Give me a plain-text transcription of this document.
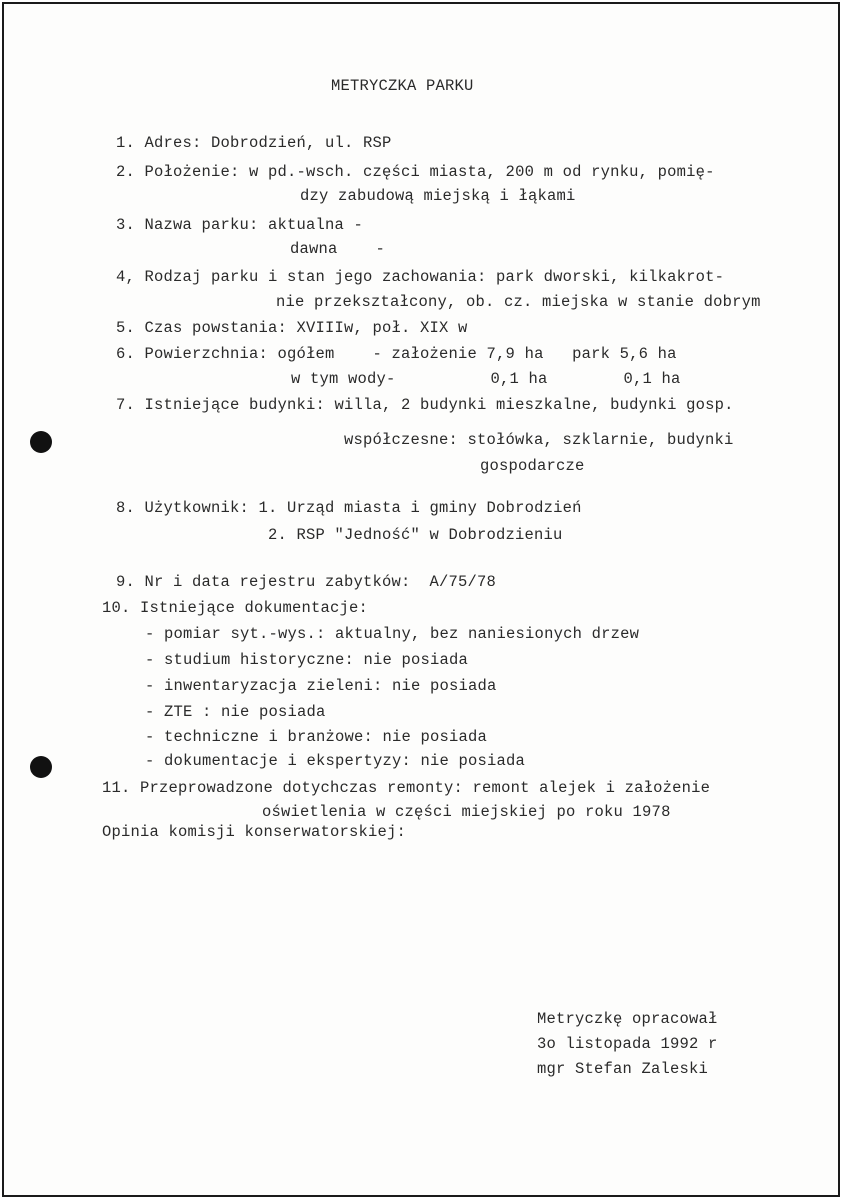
METRYCZKA PARKU
1. Adres: Dobrodzień, ul. RSP
2. Położenie: w pd.-wsch. części miasta, 200 m od rynku, pomię-
dzy zabudową miejską i łąkami
3. Nazwa parku: aktualna -
dawna    -
4, Rodzaj parku i stan jego zachowania: park dworski, kilkakrot-
nie przekształcony, ob. cz. miejska w stanie dobrym
5. Czas powstania: XVIIIw, poł. XIX w
6. Powierzchnia: ogółem    - założenie 7,9 ha   park 5,6 ha
w tym wody-          0,1 ha        0,1 ha
7. Istniejące budynki: willa, 2 budynki mieszkalne, budynki gosp.
współczesne: stołówka, szklarnie, budynki
gospodarcze
8. Użytkownik: 1. Urząd miasta i gminy Dobrodzień
2. RSP "Jedność" w Dobrodzieniu
9. Nr i data rejestru zabytków:  A/75/78
10. Istniejące dokumentacje:
- pomiar syt.-wys.: aktualny, bez naniesionych drzew
- studium historyczne: nie posiada
- inwentaryzacja zieleni: nie posiada
- ZTE : nie posiada
- techniczne i branżowe: nie posiada
- dokumentacje i ekspertyzy: nie posiada
11. Przeprowadzone dotychczas remonty: remont alejek i założenie
oświetlenia w części miejskiej po roku 1978
Opinia komisji konserwatorskiej:
Metryczkę opracował
3o listopada 1992 r
mgr Stefan Zaleski
